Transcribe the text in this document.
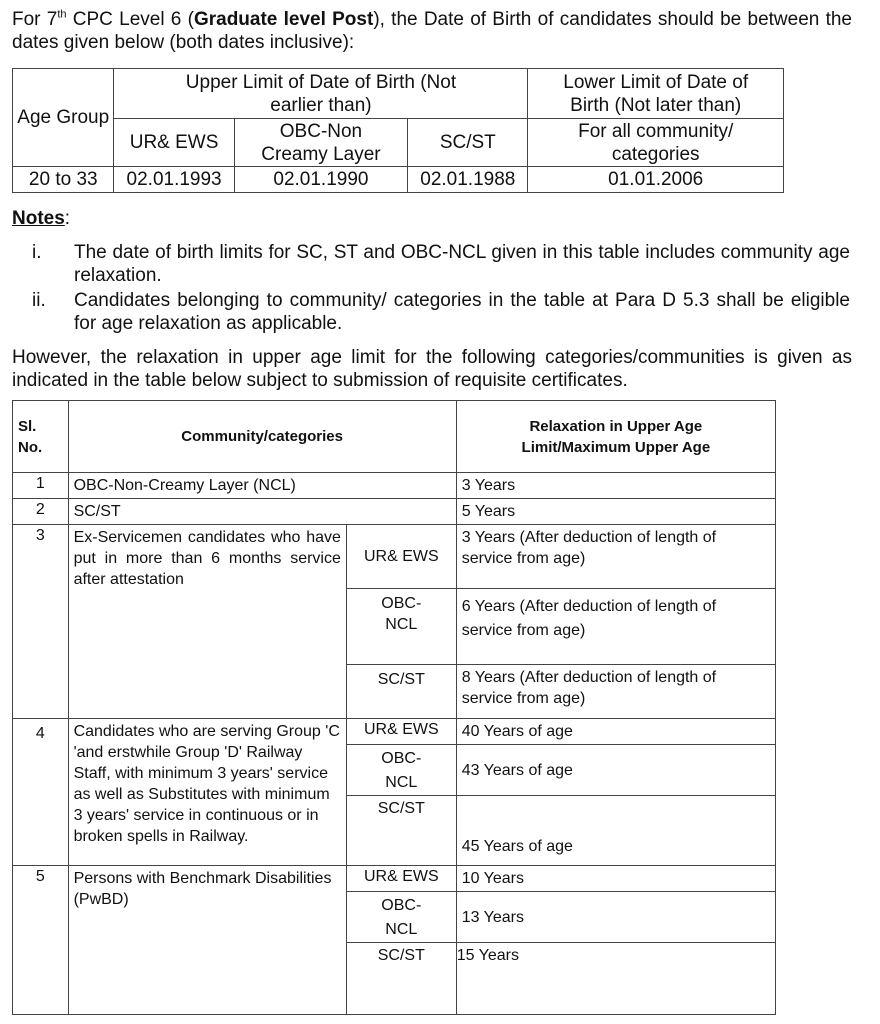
For 7th CPC Level 6 (Graduate level Post), the Date of Birth of candidates should be between the dates given below (both dates inclusive):
Age Group	Upper Limit of Date of Birth (Not earlier than)			Lower Limit of Date of Birth (Not later than)
	UR& EWS	OBC-Non Creamy Layer	SC/ST	For all community/ categories
20 to 33	02.01.1993	02.01.1990	02.01.1988	01.01.2006
Notes:
i. The date of birth limits for SC, ST and OBC-NCL given in this table includes community age relaxation.
ii. Candidates belonging to community/ categories in the table at Para D 5.3 shall be eligible for age relaxation as applicable.
However, the relaxation in upper age limit for the following categories/communities is given as indicated in the table below subject to submission of requisite certificates.
Sl. No.	Community/categories		Relaxation in Upper Age Limit/Maximum Upper Age
1	OBC-Non-Creamy Layer (NCL)		3 Years
2	SC/ST		5 Years
3	Ex-Servicemen candidates who have put in more than 6 months service after attestation	UR& EWS	3 Years (After deduction of length of service from age)
		OBC-NCL	6 Years (After deduction of length of service from age)
		SC/ST	8 Years (After deduction of length of service from age)
4	Candidates who are serving Group 'C 'and erstwhile Group 'D' Railway Staff, with minimum 3 years' service as well as Substitutes with minimum 3 years' service in continuous or in broken spells in Railway.	UR& EWS	40 Years of age
		OBC-NCL	43 Years of age
		SC/ST	45 Years of age
5	Persons with Benchmark Disabilities (PwBD)	UR& EWS	10 Years
		OBC-NCL	13 Years
		SC/ST	15 Years
